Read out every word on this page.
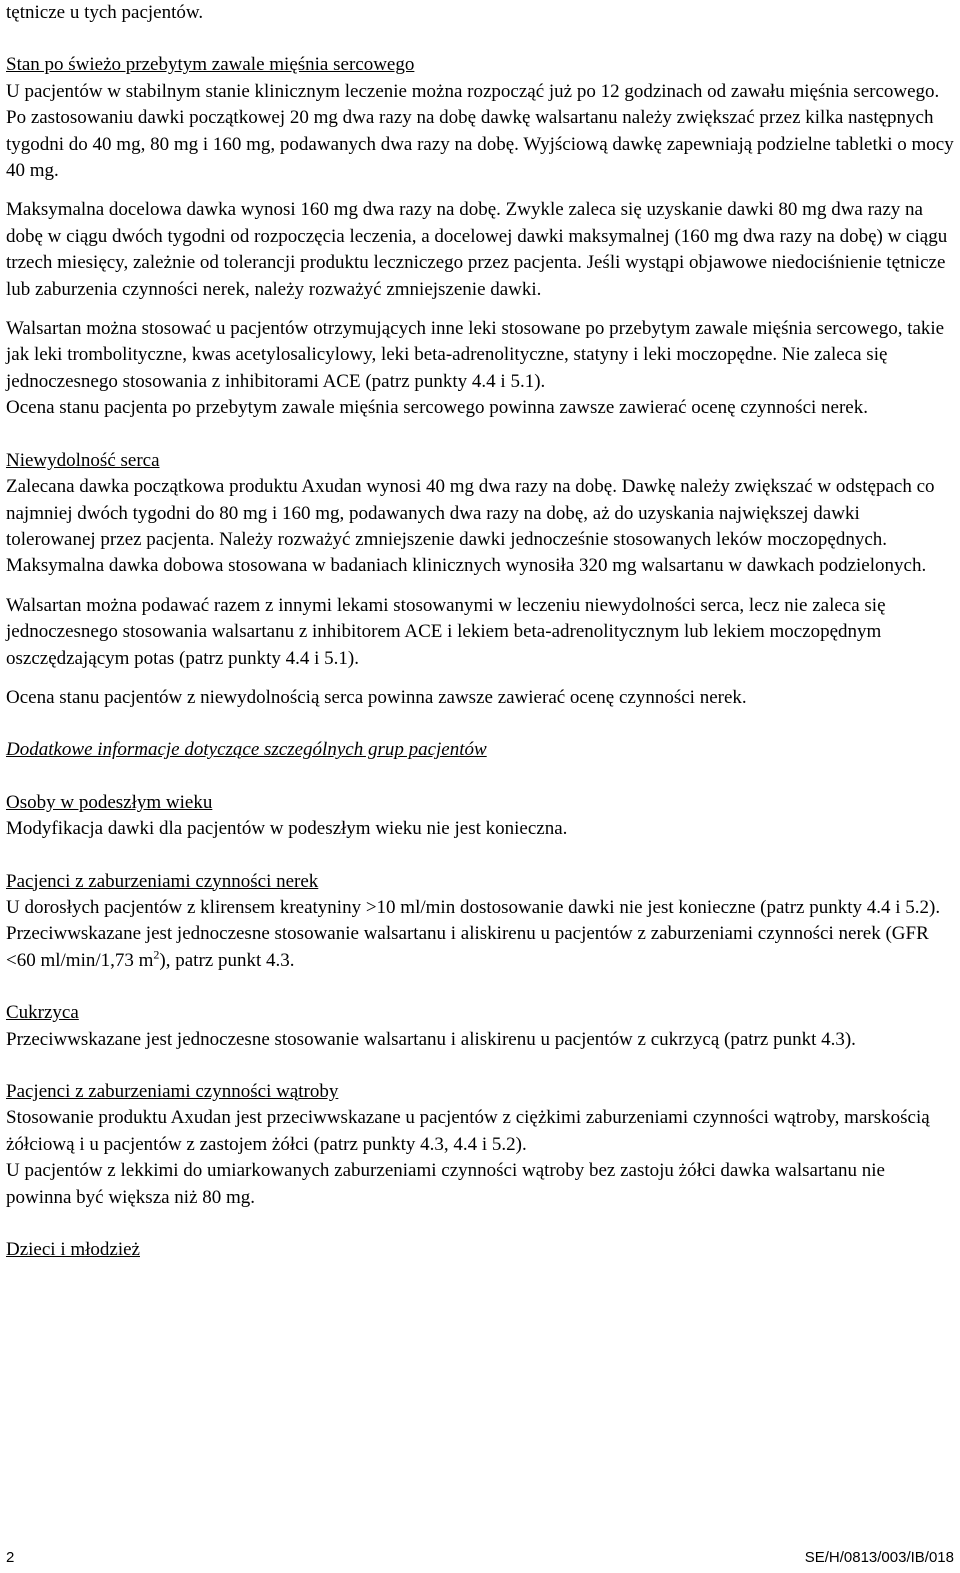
tętnicze u tych pacjentów.

Stan po świeżo przebytym zawale mięśnia sercowego

U pacjentów w stabilnym stanie klinicznym leczenie można rozpocząć już po 12 godzinach od zawału mięśnia sercowego. Po zastosowaniu dawki początkowej 20 mg dwa razy na dobę dawkę walsartanu należy zwiększać przez kilka następnych tygodni do 40 mg, 80 mg i 160 mg, podawanych dwa razy na dobę. Wyjściową dawkę zapewniają podzielne tabletki o mocy 40 mg.

Maksymalna docelowa dawka wynosi 160 mg dwa razy na dobę. Zwykle zaleca się uzyskanie dawki 80 mg dwa razy na dobę w ciągu dwóch tygodni od rozpoczęcia leczenia, a docelowej dawki maksymalnej (160 mg dwa razy na dobę) w ciągu trzech miesięcy, zależnie od tolerancji produktu leczniczego przez pacjenta. Jeśli wystąpi objawowe niedociśnienie tętnicze lub zaburzenia czynności nerek, należy rozważyć zmniejszenie dawki.

Walsartan można stosować u pacjentów otrzymujących inne leki stosowane po przebytym zawale mięśnia sercowego, takie jak leki trombolityczne, kwas acetylosalicylowy, leki beta-adrenolityczne, statyny i leki moczopędne. Nie zaleca się jednoczesnego stosowania z inhibitorami ACE (patrz punkty 4.4 i 5.1).

Ocena stanu pacjenta po przebytym zawale mięśnia sercowego powinna zawsze zawierać ocenę czynności nerek.

Niewydolność serca

Zalecana dawka początkowa produktu Axudan wynosi 40 mg dwa razy na dobę. Dawkę należy zwiększać w odstępach co najmniej dwóch tygodni do 80 mg i 160 mg, podawanych dwa razy na dobę, aż do uzyskania największej dawki tolerowanej przez pacjenta. Należy rozważyć zmniejszenie dawki jednocześnie stosowanych leków moczopędnych. Maksymalna dawka dobowa stosowana w badaniach klinicznych wynosiła 320 mg walsartanu w dawkach podzielonych.

Walsartan można podawać razem z innymi lekami stosowanymi w leczeniu niewydolności serca, lecz nie zaleca się jednoczesnego stosowania walsartanu z inhibitorem ACE i lekiem beta-adrenolitycznym lub lekiem moczopędnym oszczędzającym potas (patrz punkty 4.4 i 5.1).

Ocena stanu pacjentów z niewydolnością serca powinna zawsze zawierać ocenę czynności nerek.

Dodatkowe informacje dotyczące szczególnych grup pacjentów

Osoby w podeszłym wieku

Modyfikacja dawki dla pacjentów w podeszłym wieku nie jest konieczna.

Pacjenci z zaburzeniami czynności nerek

U dorosłych pacjentów z klirensem kreatyniny >10 ml/min dostosowanie dawki nie jest konieczne (patrz punkty 4.4 i 5.2).

Przeciwwskazane jest jednoczesne stosowanie walsartanu i aliskirenu u pacjentów z zaburzeniami czynności nerek (GFR <60 ml/min/1,73 $m^2$), patrz punkt 4.3.

Cukrzyca

Przeciwwskazane jest jednoczesne stosowanie walsartanu i aliskirenu u pacjentów z cukrzycą (patrz punkt 4.3).

Pacjenci z zaburzeniami czynności wątroby

Stosowanie produktu Axudan jest przeciwwskazane u pacjentów z ciężkimi zaburzeniami czynności wątroby, marskością żółciową i u pacjentów z zastojem żółci (patrz punkty 4.3, 4.4 i 5.2).

U pacjentów z lekkimi do umiarkowanych zaburzeniami czynności wątroby bez zastoju żółci dawka walsartanu nie powinna być większa niż 80 mg.

Dzieci i młodzież

2	SE/H/0813/003/IB/018
